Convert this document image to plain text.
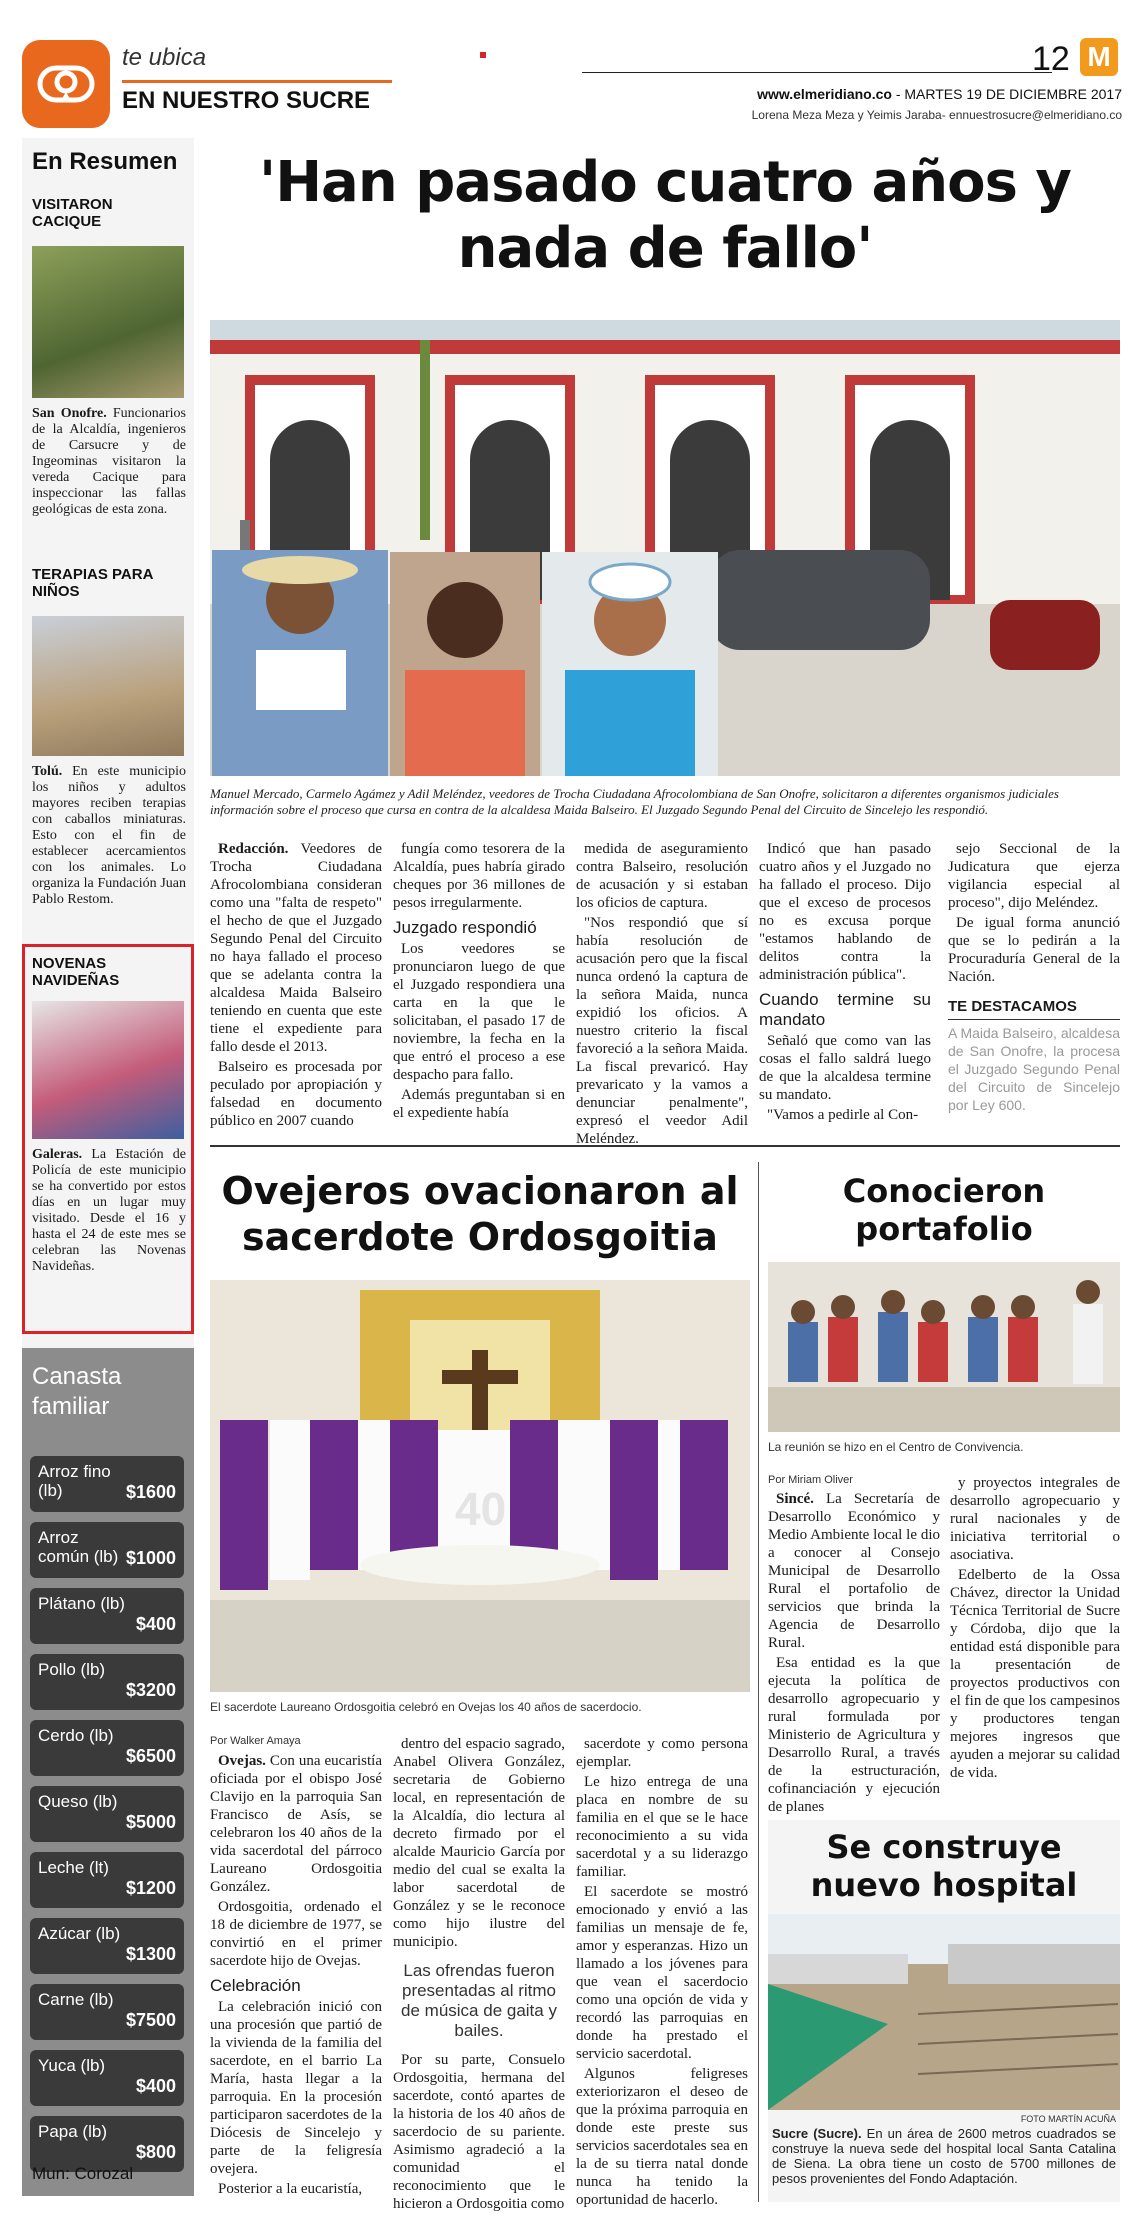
te ubica
EN NUESTRO SUCRE
12 M
www.elmeridiano.co - MARTES 19 DE DICIEMBRE 2017
Lorena Meza Meza y Yeimis Jaraba- ennuestrosucre@elmeridiano.co
En Resumen
VISITARON CACIQUE
San Onofre. Funcionarios de la Alcaldía, ingenieros de Carsucre y de Ingeominas visitaron la vereda Cacique para inspeccionar las fallas geológicas de esta zona.
TERAPIAS PARA NIÑOS
Tolú. En este municipio los niños y adultos mayores reciben terapias con caballos miniaturas. Esto con el fin de establecer acercamientos con los animales. Lo organiza la Fundación Juan Pablo Restom.
NOVENAS NAVIDEÑAS
Galeras. La Estación de Policía de este municipio se ha convertido por estos días en un lugar muy visitado. Desde el 16 y hasta el 24 de este mes se celebran las Novenas Navideñas.
Canasta familiar
Arroz fino (lb)	$1600
Arroz común (lb) $1000
Plátano (lb)
$400
Pollo (lb)
$3200
Cerdo (lb)
$6500
Queso (lb)
$5000
Leche (lt)
$1200
Azúcar (lb)
$1300
Carne (lb)
$7500
Yuca (lb)
$400
Papa (lb)
$800
Mun: Corozal
'Han pasado cuatro años y nada de fallo'
Manuel Mercado, Carmelo Agámez y Adil Meléndez, veedores de Trocha Ciudadana Afrocolombiana de San Onofre, solicitaron a diferentes organismos judiciales información sobre el proceso que cursa en contra de la alcaldesa Maida Balseiro. El Juzgado Segundo Penal del Circuito de Sincelejo les respondió.

Redacción. Veedores de Trocha Ciudadana Afrocolombiana consideran como una "falta de respeto" el hecho de que el Juzgado Segundo Penal del Circuito no haya fallado el proceso que se adelanta contra la alcaldesa Maida Balseiro teniendo en cuenta que este tiene el expediente para fallo desde el 2013.

Balseiro es procesada por peculado por apropiación y falsedad en documento público en 2007 cuando

fungía como tesorera de la Alcaldía, pues habría girado cheques por 36 millones de pesos irregularmente.

Juzgado respondió

Los veedores se pronunciaron luego de que el Juzgado respondiera una carta en la que le solicitaban, el pasado 17 de noviembre, la fecha en la que entró el proceso a ese despacho para fallo.

Además preguntaban si en el expediente había

medida de aseguramiento contra Balseiro, resolución de acusación y si estaban los oficios de captura.

"Nos respondió que sí había resolución de acusación pero que la fiscal nunca ordenó la captura de la señora Maida, nunca expidió los oficios. A nuestro criterio la fiscal favoreció a la señora Maida. La fiscal prevaricó. Hay prevaricato y la vamos a denunciar penalmente", expresó el veedor Adil Meléndez.

Indicó que han pasado cuatro años y el Juzgado no ha fallado el proceso. Dijo que el exceso de procesos no es excusa porque "estamos hablando de delitos contra la administración pública".

Cuando termine su mandato

Señaló que como van las cosas el fallo saldrá luego de que la alcaldesa termine su mandato.

"Vamos a pedirle al Con-

sejo Seccional de la Judicatura que ejerza vigilancia especial al proceso", dijo Meléndez.

De igual forma anunció que se lo pedirán a la Procuraduría General de la Nación.

TE DESTACAMOS
A Maida Balseiro, alcaldesa de San Onofre, la procesa el Juzgado Segundo Penal del Circuito de Sincelejo por Ley 600.
Ovejeros ovacionaron al sacerdote Ordosgoitia
40
El sacerdote Laureano Ordosgoitia celebró en Ovejas los 40 años de sacerdocio.
Por Walker Amaya

Ovejas. Con una eucaristía oficiada por el obispo José Clavijo en la parroquia San Francisco de Asís, se celebraron los 40 años de la vida sacerdotal del párroco Laureano Ordosgoitia González.

Ordosgoitia, ordenado el 18 de diciembre de 1977, se convirtió en el primer sacerdote hijo de Ovejas.

Celebración

La celebración inició con una procesión que partió de la vivienda de la familia del sacerdote, en el barrio La María, hasta llegar a la parroquia. En la procesión participaron sacerdotes de la Diócesis de Sincelejo y parte de la feligresía ovejera.

Posterior a la eucaristía,

dentro del espacio sagrado, Anabel Olivera González, secretaria de Gobierno local, en representación de la Alcaldía, dio lectura al decreto firmado por el alcalde Mauricio García por medio del cual se exalta la labor sacerdotal de González y se le reconoce como hijo ilustre del municipio.

Las ofrendas fueron presentadas al ritmo de música de gaita y bailes.

Por su parte, Consuelo Ordosgoitia, hermana del sacerdote, contó apartes de la historia de los 40 años de sacerdocio de su pariente. Asimismo agradeció a la comunidad el reconocimiento que le hicieron a Ordosgoitia como

sacerdote y como persona ejemplar.

Le hizo entrega de una placa en nombre de su familia en el que se le hace reconocimiento a su vida sacerdotal y a su liderazgo familiar.

El sacerdote se mostró emocionado y envió a las familias un mensaje de fe, amor y esperanzas. Hizo un llamado a los jóvenes para que vean el sacerdocio como una opción de vida y recordó las parroquias en donde ha prestado el servicio sacerdotal.

Algunos feligreses exteriorizaron el deseo de que la próxima parroquia en donde este preste sus servicios sacerdotales sea en la de su tierra natal donde nunca ha tenido la oportunidad de hacerlo.

Conocieron portafolio
La reunión se hizo en el Centro de Convivencia.
Por Miriam Oliver

Sincé. La Secretaría de Desarrollo Económico y Medio Ambiente local le dio a conocer al Consejo Municipal de Desarrollo Rural el portafolio de servicios que brinda la Agencia de Desarrollo Rural.

Esa entidad es la que ejecuta la política de desarrollo agropecuario y rural formulada por Ministerio de Agricultura y Desarrollo Rural, a través de la estructuración, cofinanciación y ejecución de planes

y proyectos integrales de desarrollo agropecuario y rural nacionales y de iniciativa territorial o asociativa.

Edelberto de la Ossa Chávez, director la Unidad Técnica Territorial de Sucre y Córdoba, dijo que la entidad está disponible para la presentación de proyectos productivos con el fin de que los campesinos y productores tengan mejores ingresos que ayuden a mejorar su calidad de vida.

Se construye nuevo hospital
FOTO MARTÍN ACUÑA
Sucre (Sucre). En un área de 2600 metros cuadrados se construye la nueva sede del hospital local Santa Catalina de Siena. La obra tiene un costo de 5700 millones de pesos provenientes del Fondo Adaptación.
